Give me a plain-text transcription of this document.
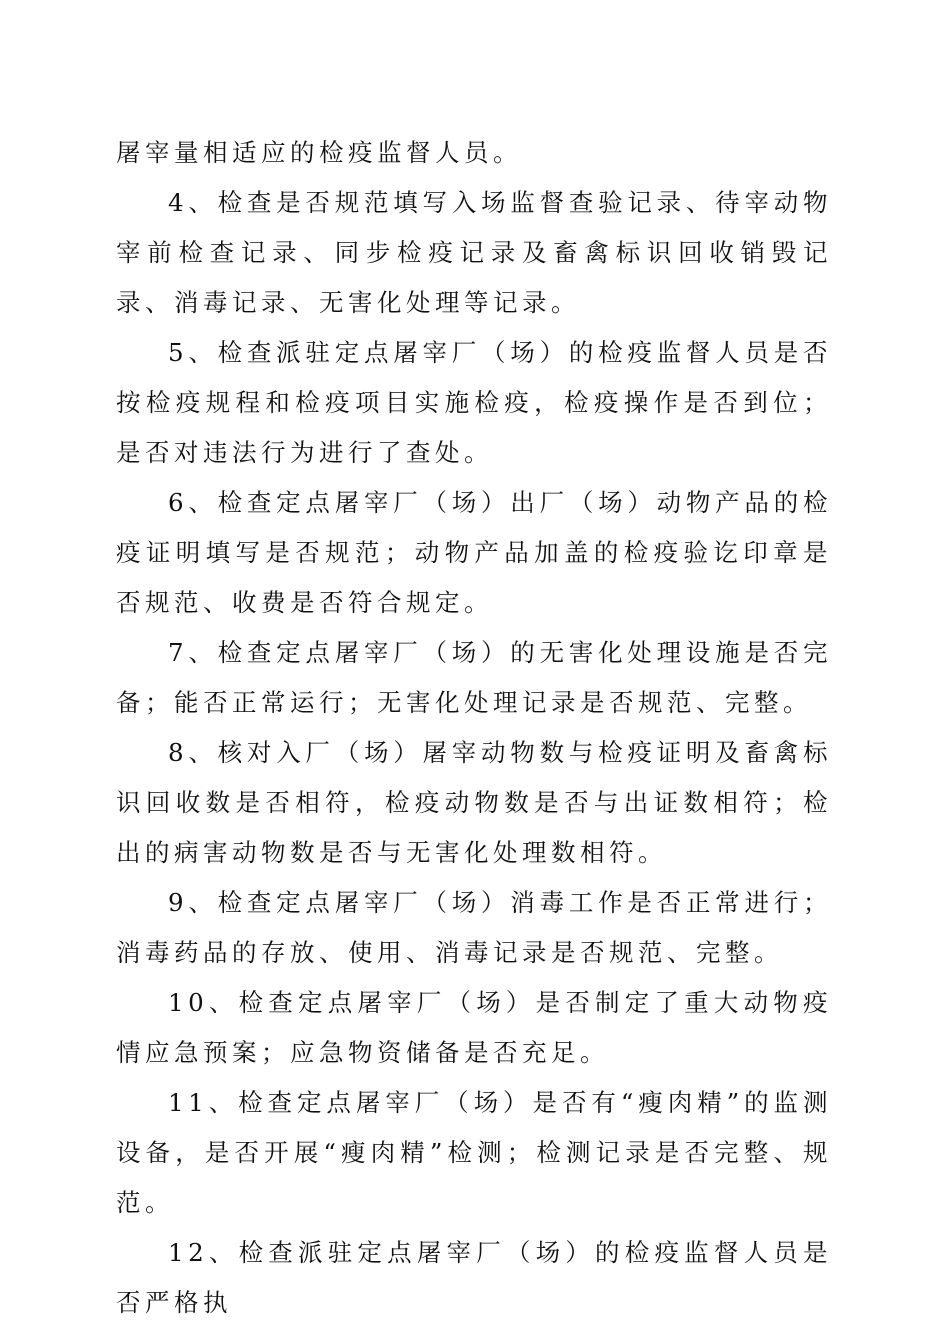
屠宰量相适应的检疫监督人员。

4、检查是否规范填写入场监督查验记录、待宰动物宰前检查记录、同步检疫记录及畜禽标识回收销毁记录、消毒记录、无害化处理等记录。

5、检查派驻定点屠宰厂（场）的检疫监督人员是否按检疫规程和检疫项目实施检疫，检疫操作是否到位；是否对违法行为进行了查处。

6、检查定点屠宰厂（场）出厂（场）动物产品的检疫证明填写是否规范；动物产品加盖的检疫验讫印章是否规范、收费是否符合规定。

7、检查定点屠宰厂（场）的无害化处理设施是否完备；能否正常运行；无害化处理记录是否规范、完整。

8、核对入厂（场）屠宰动物数与检疫证明及畜禽标识回收数是否相符，检疫动物数是否与出证数相符；检出的病害动物数是否与无害化处理数相符。

9、检查定点屠宰厂（场）消毒工作是否正常进行；消毒药品的存放、使用、消毒记录是否规范、完整。

10、检查定点屠宰厂（场）是否制定了重大动物疫情应急预案；应急物资储备是否充足。

11、检查定点屠宰厂（场）是否有“瘦肉精”的监测设备，是否开展“瘦肉精”检测；检测记录是否完整、规范。

12、检查派驻定点屠宰厂（场）的检疫监督人员是否严格执
